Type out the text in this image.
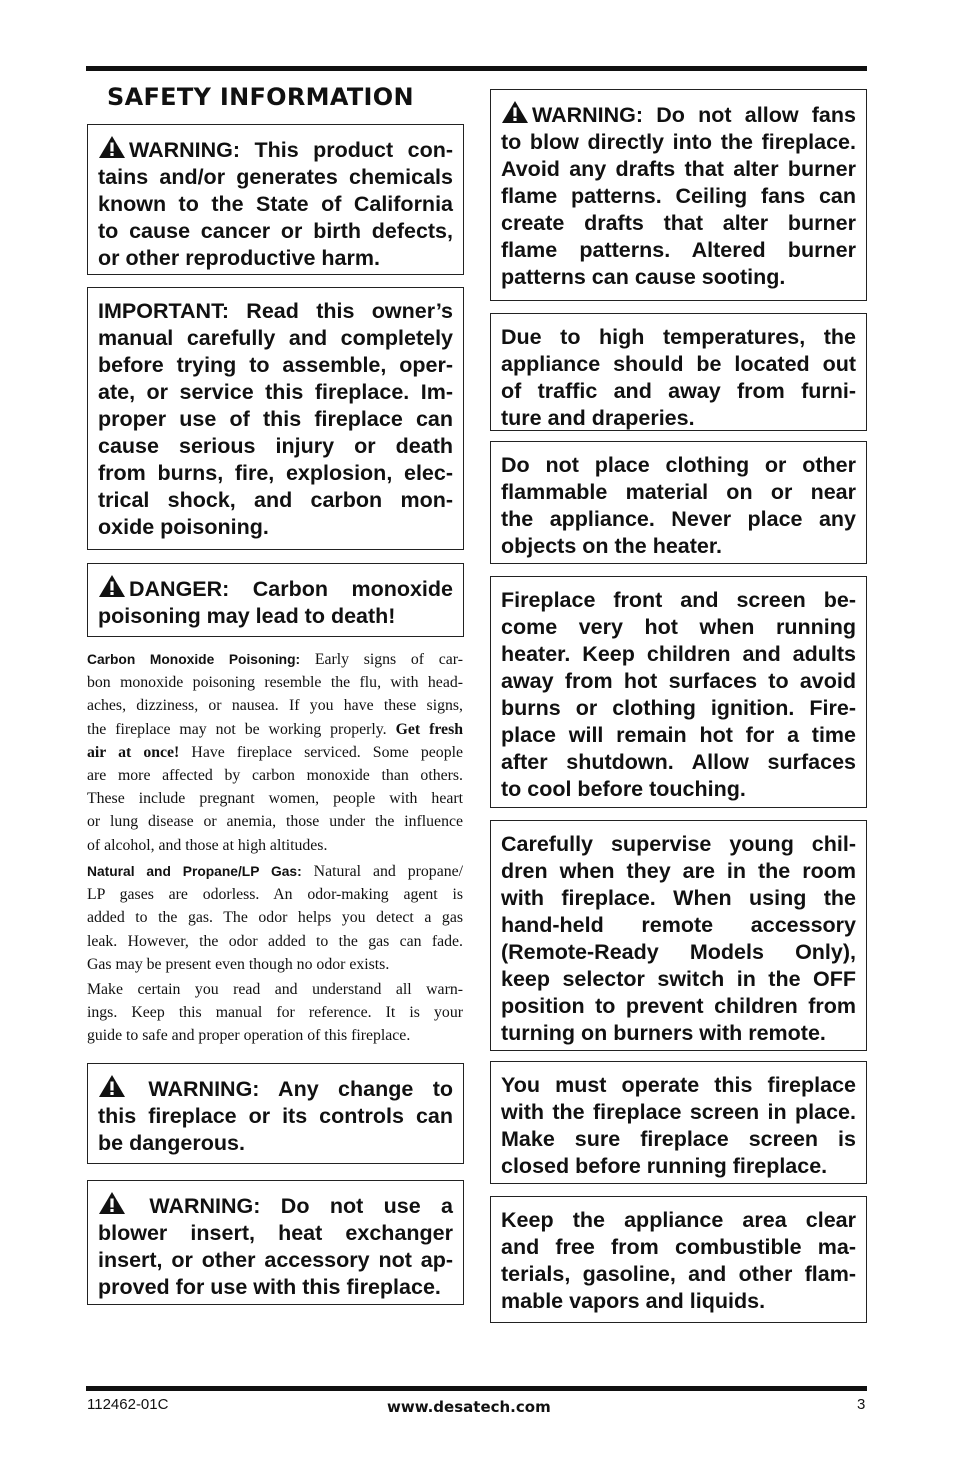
SAFETY INFORMATION
WARNING: This product con-
tains and/or generates chemicals
known to the State of California
to cause cancer or birth defects,
or other reproductive harm.
IMPORTANT: Read this owner’s
manual carefully and completely
before trying to assemble, oper-
ate, or service this fireplace. Im-
proper use of this fireplace can
cause serious injury or death
from burns, fire, explosion, elec-
trical shock, and carbon mon-
oxide poisoning.
DANGER: Carbon monoxide
poisoning may lead to death!
Carbon Monoxide Poisoning: Early signs of car-
bon monoxide poisoning resemble the flu, with head-
aches, dizziness, or nausea. If you have these signs,
the fireplace may not be working properly. Get fresh
air at once! Have fireplace serviced. Some people
are more affected by carbon monoxide than others.
These include pregnant women, people with heart
or lung disease or anemia, those under the influence
of alcohol, and those at high altitudes.
Natural and Propane/LP Gas: Natural and propane/
LP gases are odorless. An odor-making agent is
added to the gas. The odor helps you detect a gas
leak. However, the odor added to the gas can fade.
Gas may be present even though no odor exists.
Make certain you read and understand all warn-
ings. Keep this manual for reference. It is your
guide to safe and proper operation of this fireplace.
WARNING: Any change to
this fireplace or its controls can
be dangerous.
WARNING: Do not use a
blower insert, heat exchanger
insert, or other accessory not ap-
proved for use with this fireplace.
WARNING: Do not allow fans
to blow directly into the fireplace.
Avoid any drafts that alter burner
flame patterns. Ceiling fans can
create drafts that alter burner
flame patterns. Altered burner
patterns can cause sooting.
Due to high temperatures, the
appliance should be located out
of traffic and away from furni-
ture and draperies.
Do not place clothing or other
flammable material on or near
the appliance. Never place any
objects on the heater.
Fireplace front and screen be-
come very hot when running
heater. Keep children and adults
away from hot surfaces to avoid
burns or clothing ignition. Fire-
place will remain hot for a time
after shutdown. Allow surfaces
to cool before touching.
Carefully supervise young chil-
dren when they are in the room
with fireplace. When using the
hand-held remote accessory
(Remote-Ready Models Only),
keep selector switch in the OFF
position to prevent children from
turning on burners with remote.
You must operate this fireplace
with the fireplace screen in place.
Make sure fireplace screen is
closed before running fireplace.
Keep the appliance area clear
and free from combustible ma-
terials, gasoline, and other flam-
mable vapors and liquids.
112462-01C	www.desatech.com	3
